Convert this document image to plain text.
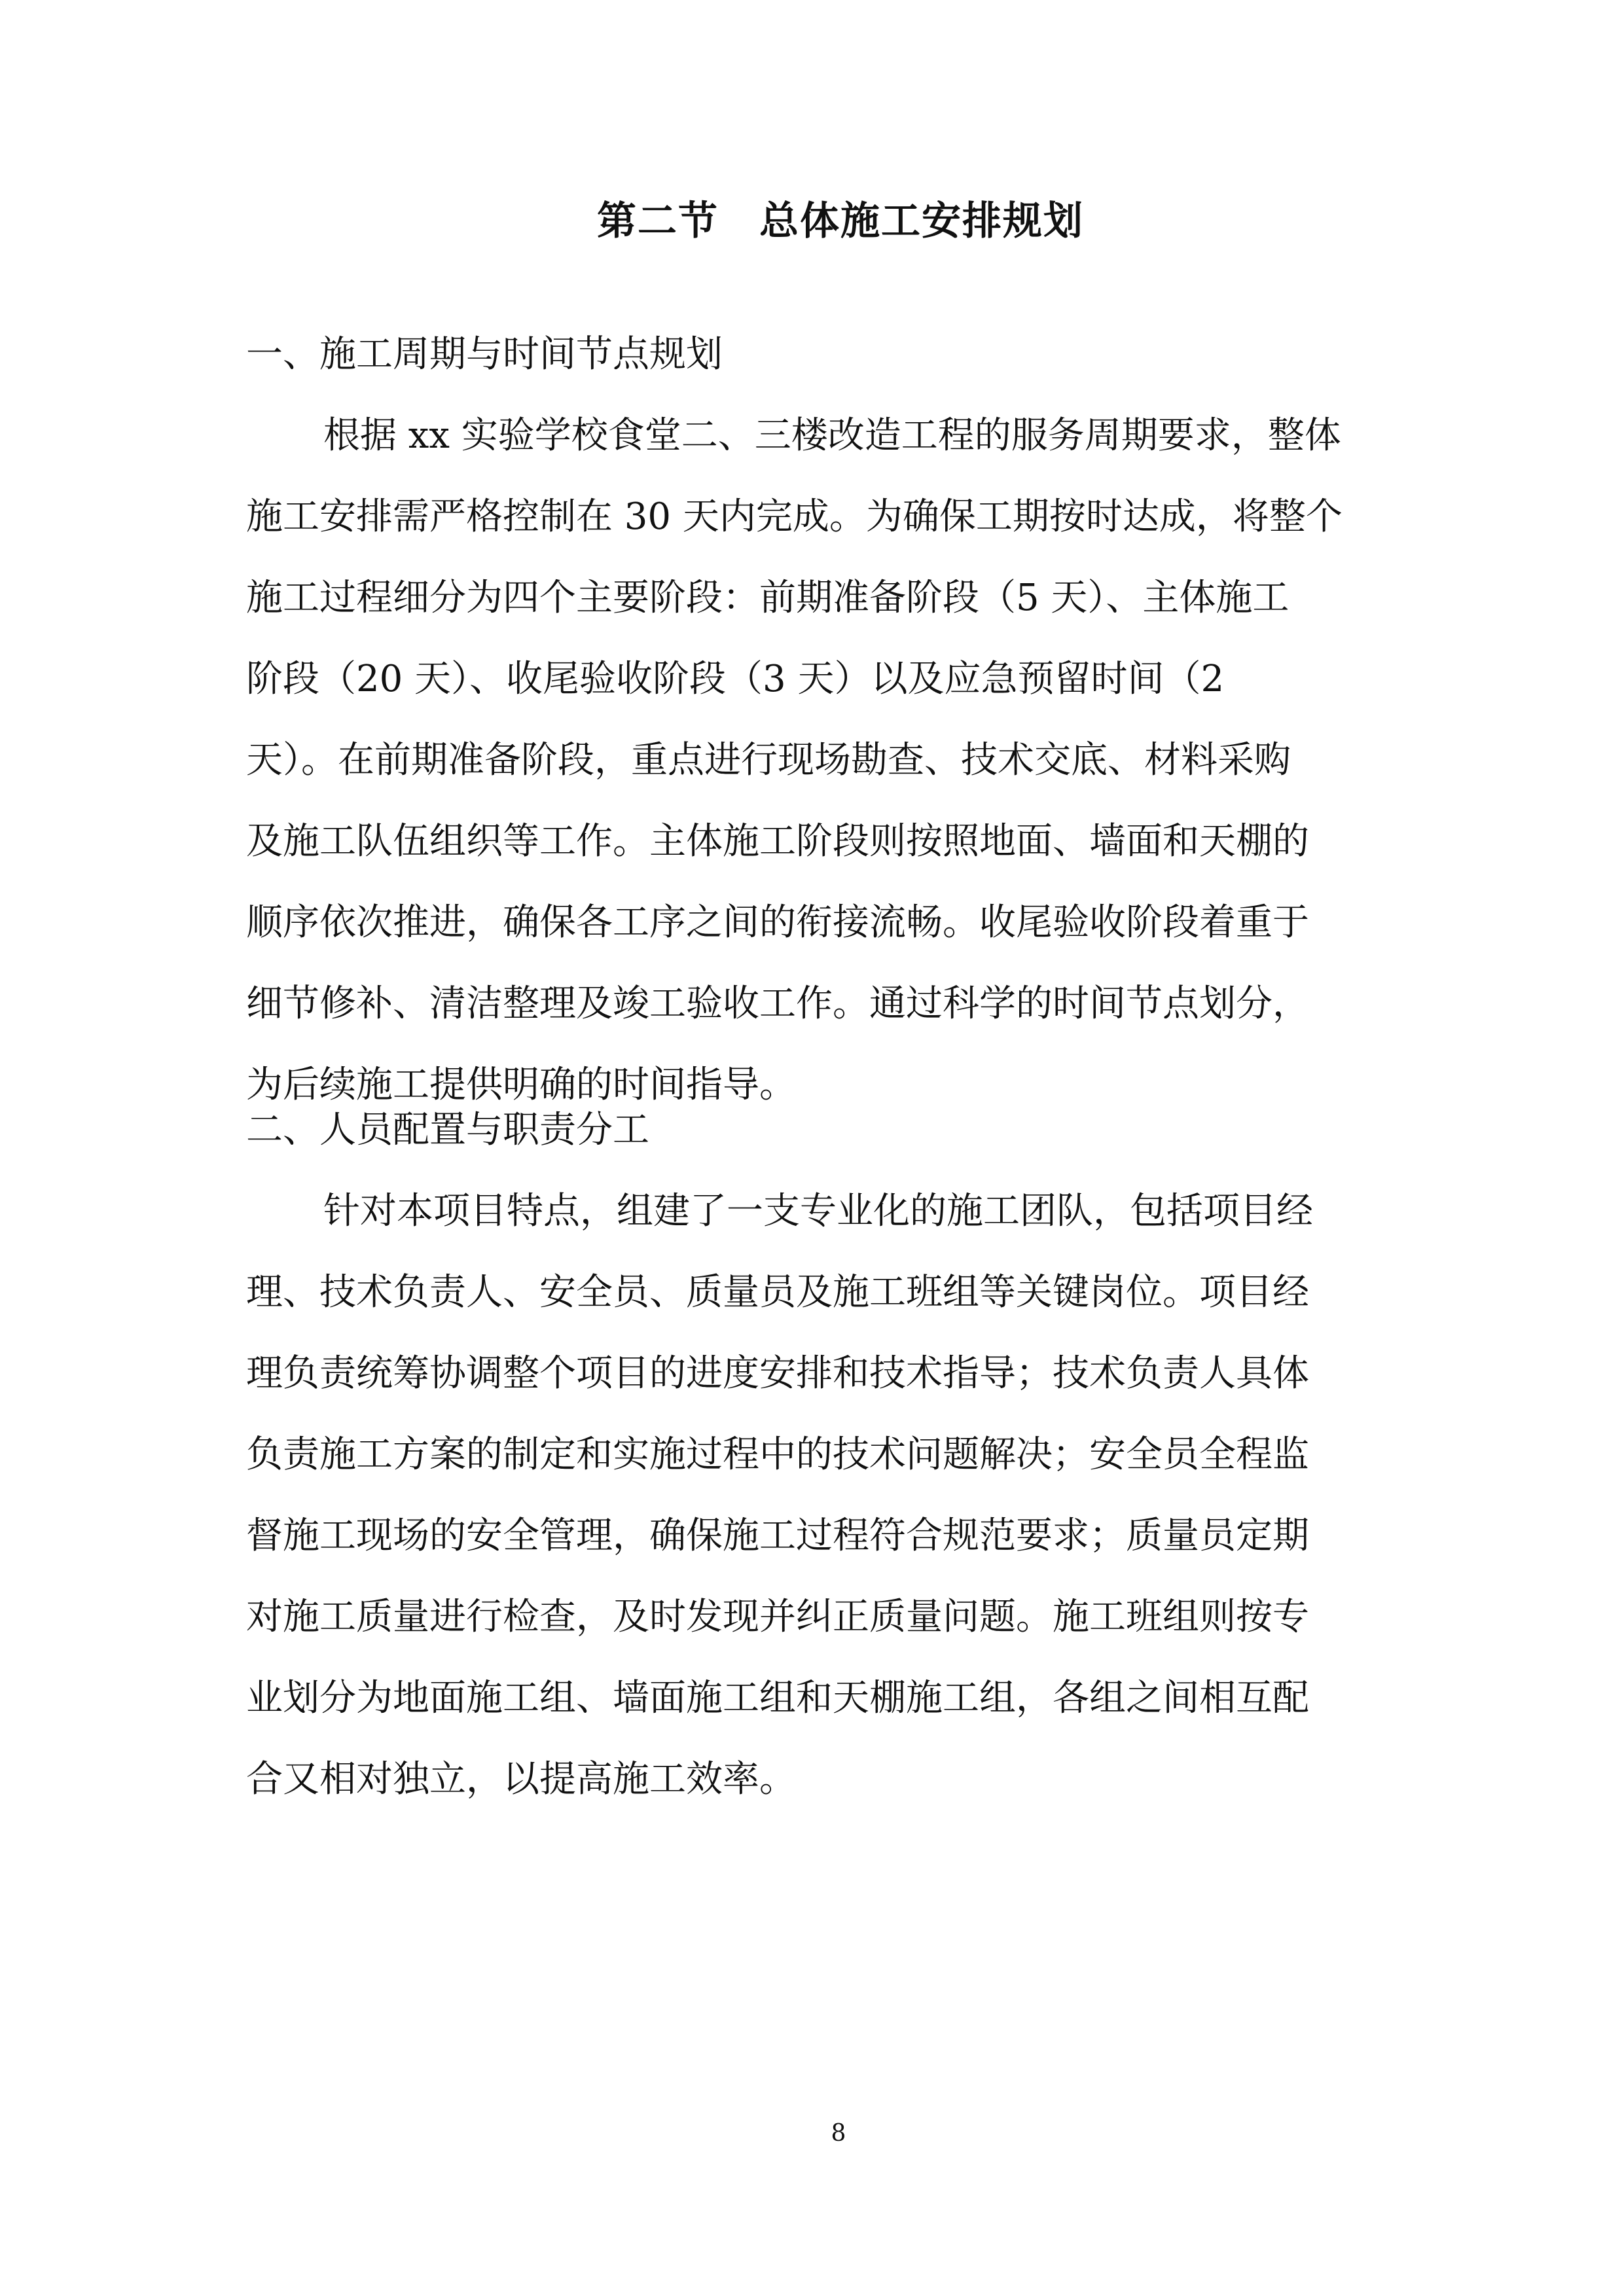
第二节　总体施工安排规划
一、施工周期与时间节点规划
根据 xx 实验学校食堂二、三楼改造工程的服务周期要求，整体
施工安排需严格控制在 30 天内完成。为确保工期按时达成，将整个
施工过程细分为四个主要阶段：前期准备阶段（5 天）、主体施工
阶段（20 天）、收尾验收阶段（3 天）以及应急预留时间（2
天）。在前期准备阶段，重点进行现场勘查、技术交底、材料采购
及施工队伍组织等工作。主体施工阶段则按照地面、墙面和天棚的
顺序依次推进，确保各工序之间的衔接流畅。收尾验收阶段着重于
细节修补、清洁整理及竣工验收工作。通过科学的时间节点划分，
为后续施工提供明确的时间指导。
二、人员配置与职责分工
针对本项目特点，组建了一支专业化的施工团队，包括项目经
理、技术负责人、安全员、质量员及施工班组等关键岗位。项目经
理负责统筹协调整个项目的进度安排和技术指导；技术负责人具体
负责施工方案的制定和实施过程中的技术问题解决；安全员全程监
督施工现场的安全管理，确保施工过程符合规范要求；质量员定期
对施工质量进行检查，及时发现并纠正质量问题。施工班组则按专
业划分为地面施工组、墙面施工组和天棚施工组，各组之间相互配
合又相对独立，以提高施工效率。
8
